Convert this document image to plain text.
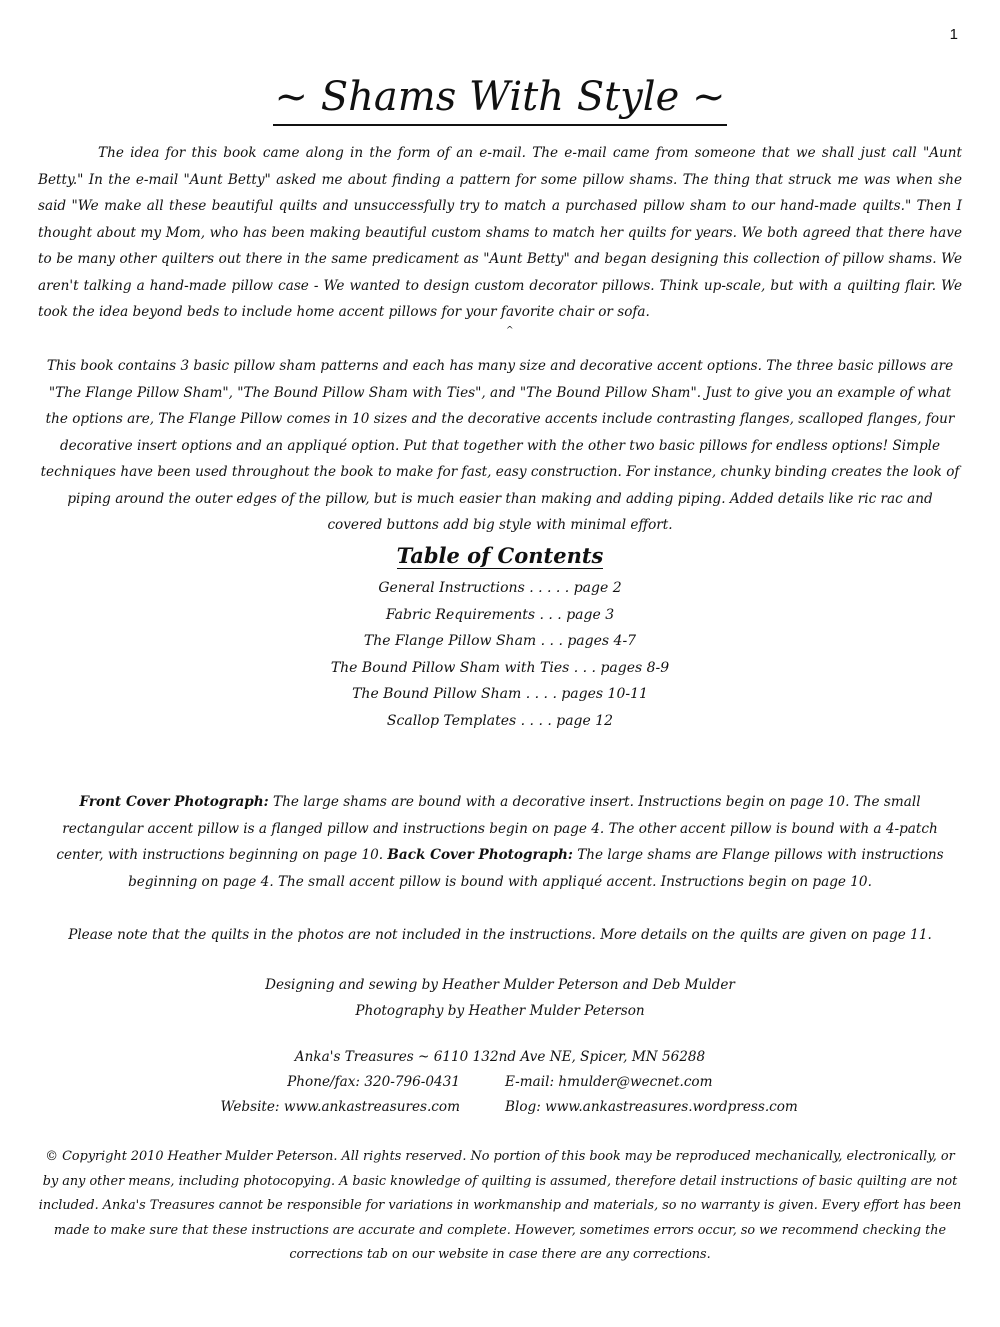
1
~ Shams With Style ~

The idea for this book came along in the form of an e-mail. The e-mail came from someone that we shall just call "Aunt Betty." In the e-mail "Aunt Betty" asked me about finding a pattern for some pillow shams. The thing that struck me was when she said "We make all these beautiful quilts and unsuccessfully try to match a purchased pillow sham to our hand-made quilts." Then I thought about my Mom, who has been making beautiful custom shams to match her quilts for years. We both agreed that there have to be many other quilters out there in the same predicament as "Aunt Betty" and began designing this collection of pillow shams. We aren't talking a hand-made pillow case - We wanted to design custom decorator pillows. Think up-scale, but with a quilting flair. We took the idea beyond beds to include home accent pillows for your favorite chair or sofa.

^

This book contains 3 basic pillow sham patterns and each has many size and decorative accent options. The three basic pillows are "The Flange Pillow Sham", "The Bound Pillow Sham with Ties", and "The Bound Pillow Sham". Just to give you an example of what the options are, The Flange Pillow comes in 10 sizes and the decorative accents include contrasting flanges, scalloped flanges, four decorative insert options and an appliqué option. Put that together with the other two basic pillows for endless options! Simple techniques have been used throughout the book to make for fast, easy construction. For instance, chunky binding creates the look of piping around the outer edges of the pillow, but is much easier than making and adding piping. Added details like ric rac and covered buttons add big style with minimal effort.

Table of Contents
General Instructions . . . . . page 2
Fabric Requirements . . . page 3
The Flange Pillow Sham . . . pages 4-7
The Bound Pillow Sham with Ties . . . pages 8-9
The Bound Pillow Sham . . . . pages 10-11
Scallop Templates . . . . page 12

Front Cover Photograph: The large shams are bound with a decorative insert. Instructions begin on page 10. The small rectangular accent pillow is a flanged pillow and instructions begin on page 4. The other accent pillow is bound with a 4-patch center, with instructions beginning on page 10. Back Cover Photograph: The large shams are Flange pillows with instructions beginning on page 4. The small accent pillow is bound with appliqué accent. Instructions begin on page 10.

Please note that the quilts in the photos are not included in the instructions. More details on the quilts are given on page 11.
Designing and sewing by Heather Mulder Peterson and Deb Mulder
Photography by Heather Mulder Peterson
Anka's Treasures ~ 6110 132nd Ave NE, Spicer, MN 56288
Phone/fax: 320-796-0431	E-mail: hmulder@wecnet.com
Website: www.ankastreasures.com	Blog: www.ankastreasures.wordpress.com

© Copyright 2010 Heather Mulder Peterson. All rights reserved. No portion of this book may be reproduced mechanically, electronically, or by any other means, including photocopying. A basic knowledge of quilting is assumed, therefore detail instructions of basic quilting are not included. Anka's Treasures cannot be responsible for variations in workmanship and materials, so no warranty is given. Every effort has been made to make sure that these instructions are accurate and complete. However, sometimes errors occur, so we recommend checking the corrections tab on our website in case there are any corrections.
